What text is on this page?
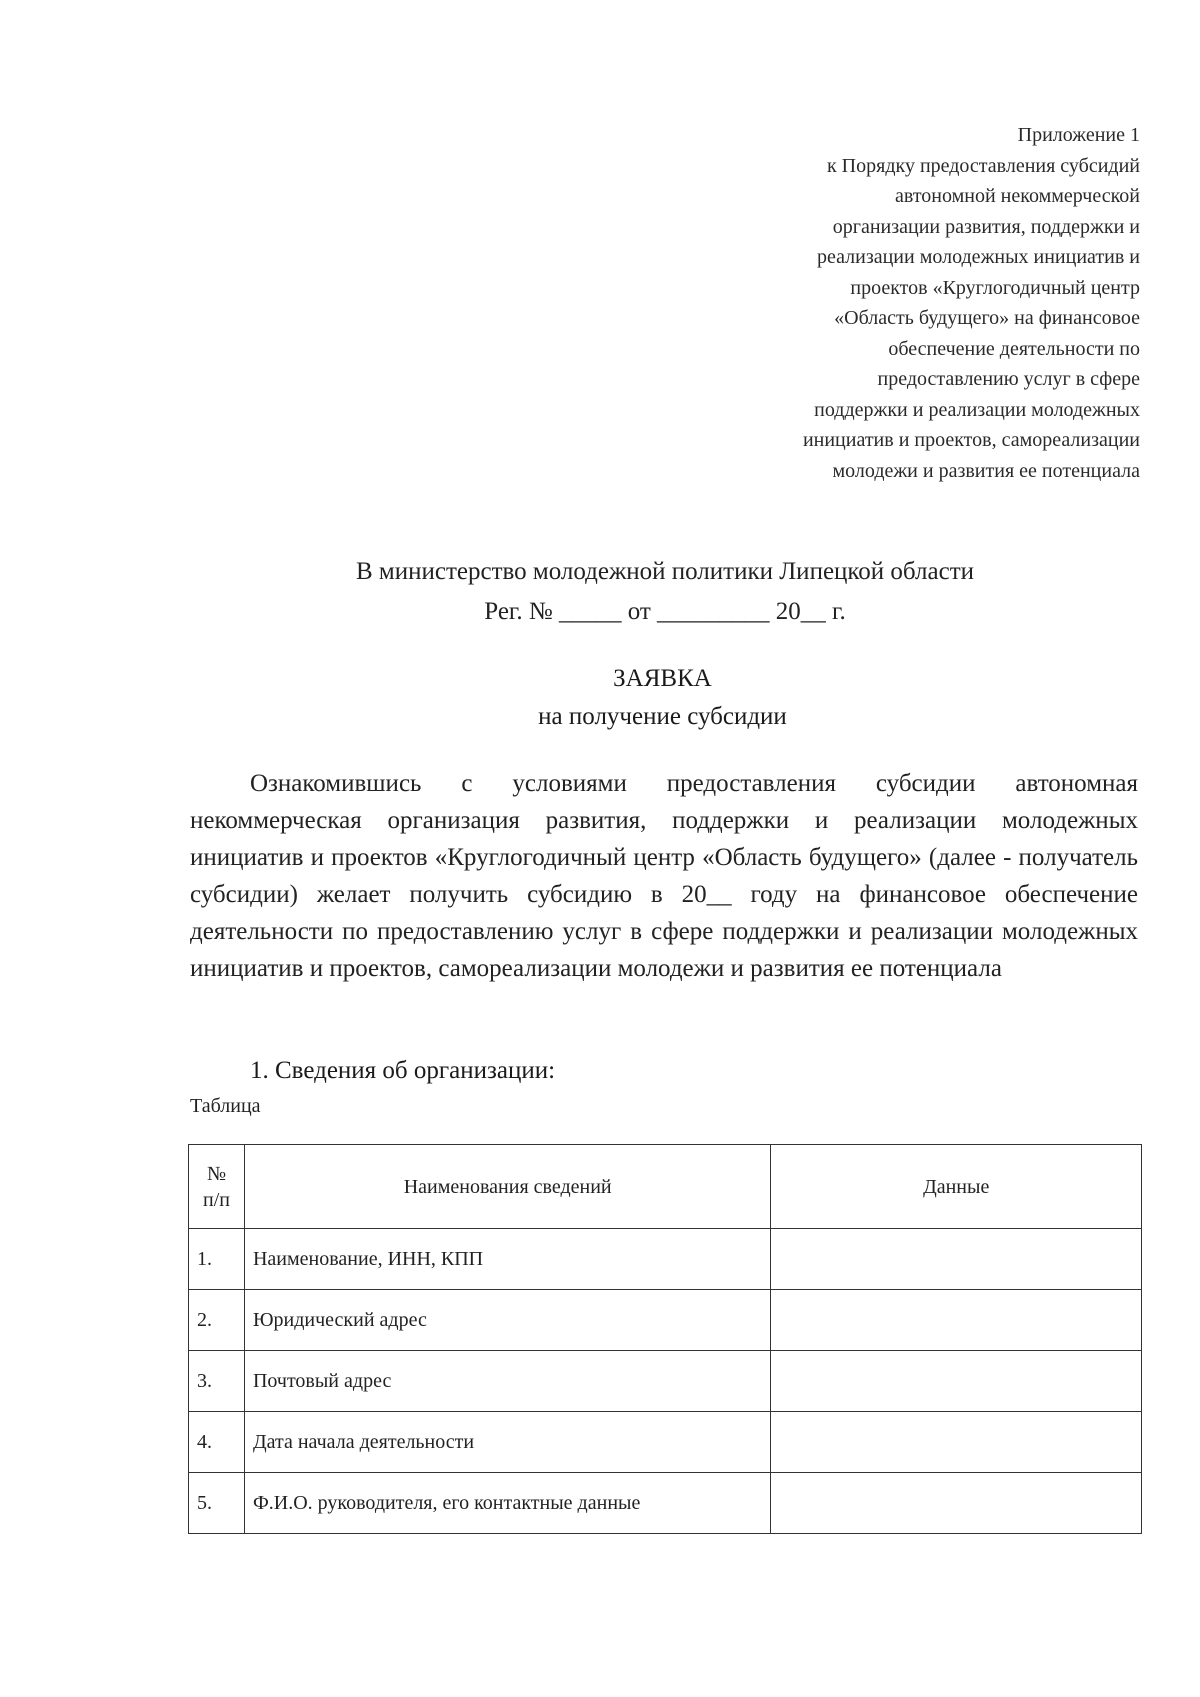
Приложение 1
к Порядку предоставления субсидий
автономной некоммерческой
организации развития, поддержки и
реализации молодежных инициатив и
проектов «Круглогодичный центр
«Область будущего» на финансовое
обеспечение деятельности по
предоставлению услуг в сфере
поддержки и реализации молодежных
инициатив и проектов, самореализации
молодежи и развития ее потенциала
В министерство молодежной политики Липецкой области
Рег. № _____ от _________ 20__ г.
ЗАЯВКА
на получение субсидии
Ознакомившись с условиями предоставления субсидии автономная некоммерческая организация развития, поддержки и реализации молодежных инициатив и проектов «Круглогодичный центр «Область будущего» (далее - получатель субсидии) желает получить субсидию в 20__ году на финансовое обеспечение деятельности по предоставлению услуг в сфере поддержки и реализации молодежных инициатив и проектов, самореализации молодежи и развития ее потенциала
1. Сведения об организации:
Таблица
№ п/п	Наименования сведений	Данные
1.	Наименование, ИНН, КПП	
2.	Юридический адрес	
3.	Почтовый адрес	
4.	Дата начала деятельности	
5.	Ф.И.О. руководителя, его контактные данные	
